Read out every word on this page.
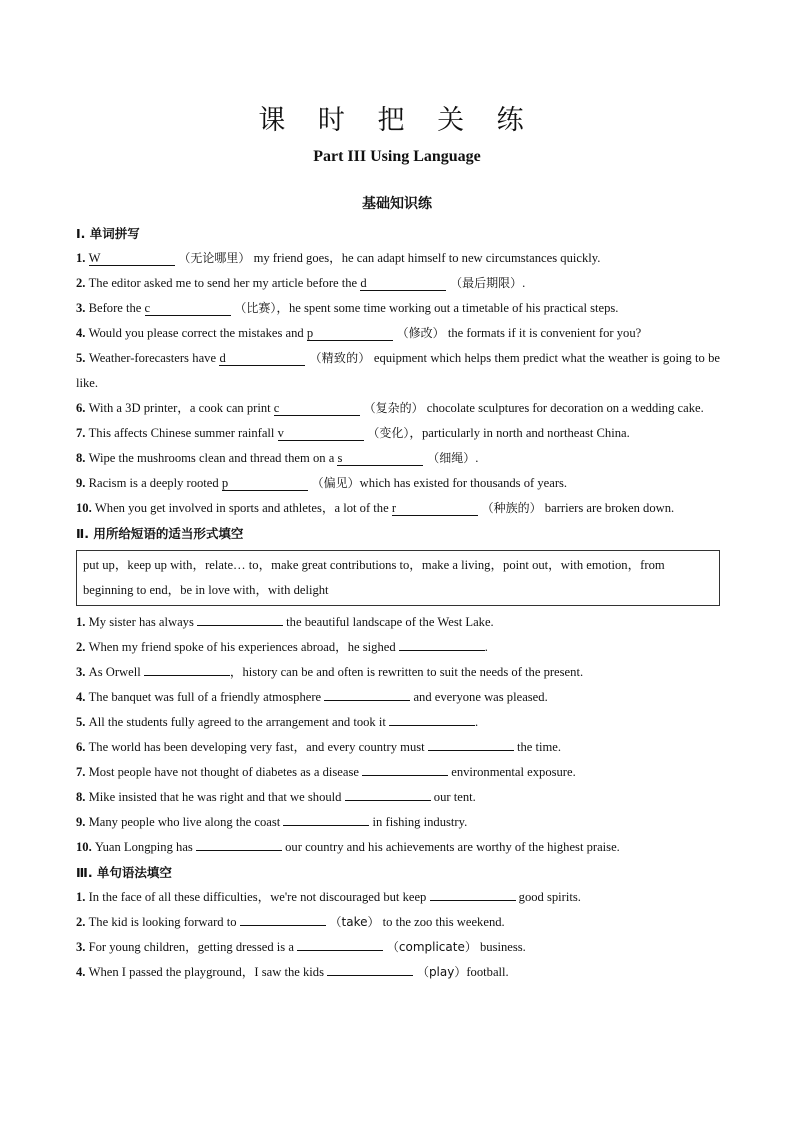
课 时 把 关 练
Part III Using Language
基础知识练
Ⅰ. 单词拼写
1. W	（无论哪里） my friend goes，he can adapt himself to new circumstances quickly.
2. The editor asked me to send her my article before the d	（最后期限）.
3. Before the c	（比赛），he spent some time working out a timetable of his practical steps.
4. Would you please correct the mistakes and p	（修改） the formats if it is convenient for you?
5. Weather-forecasters have d	（精致的） equipment which helps them predict what the weather is going to be like.
6. With a 3D printer，a cook can print c	（复杂的） chocolate sculptures for decoration on a wedding cake.
7. This affects Chinese summer rainfall v	（变化），particularly in north and northeast China.
8. Wipe the mushrooms clean and thread them on a s	（细绳）.
9. Racism is a deeply rooted p	（偏见）which has existed for thousands of years.
10. When you get involved in sports and athletes，a lot of the r	（种族的） barriers are broken down.
Ⅱ. 用所给短语的适当形式填空
put up，keep up with，relate… to，make great contributions to，make a living，point out，with emotion，from beginning to end，be in love with，with delight
1. My sister has always	the beautiful landscape of the West Lake.
2. When my friend spoke of his experiences abroad，he sighed	.
3. As Orwell	，history can be and often is rewritten to suit the needs of the present.
4. The banquet was full of a friendly atmosphere	and everyone was pleased.
5. All the students fully agreed to the arrangement and took it	.
6. The world has been developing very fast，and every country must	the time.
7. Most people have not thought of diabetes as a disease	environmental exposure.
8. Mike insisted that he was right and that we should	our tent.
9. Many people who live along the coast	in fishing industry.
10. Yuan Longping has	our country and his achievements are worthy of the highest praise.
Ⅲ. 单句语法填空
1. In the face of all these difficulties，we're not discouraged but keep	good spirits.
2. The kid is looking forward to	（take） to the zoo this weekend.
3. For young children，getting dressed is a	（complicate） business.
4. When I passed the playground，I saw the kids	（play）football.
